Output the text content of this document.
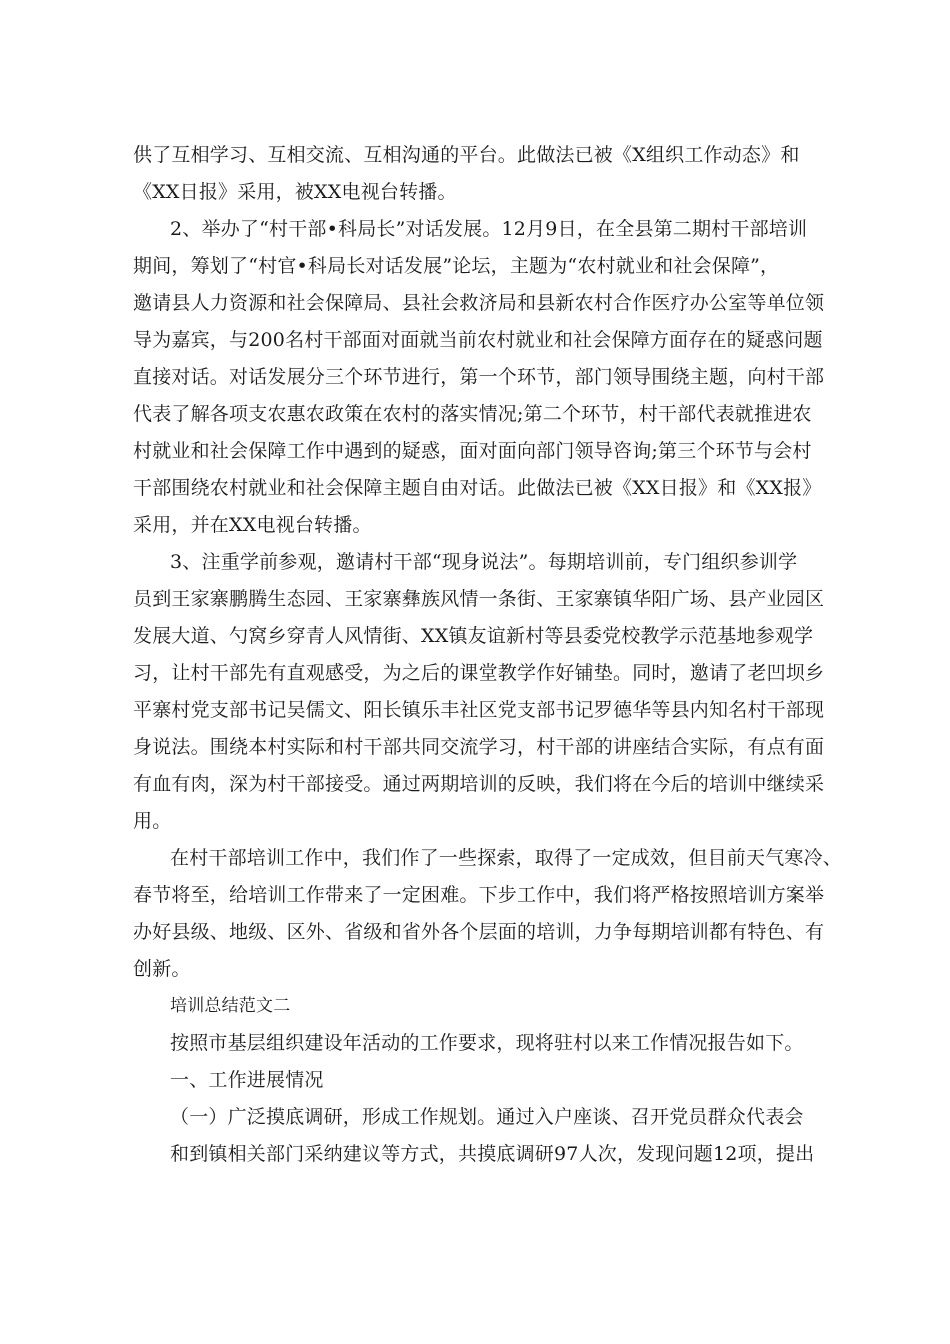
供了互相学习、互相交流、互相沟通的平台。此做法已被《X组织工作动态》和
《XX日报》采用，被XX电视台转播。
2、举办了“村干部•科局长”对话发展。12月9日，在全县第二期村干部培训
期间，筹划了“村官•科局长对话发展”论坛，主题为“农村就业和社会保障”，
邀请县人力资源和社会保障局、县社会救济局和县新农村合作医疗办公室等单位领
导为嘉宾，与200名村干部面对面就当前农村就业和社会保障方面存在的疑惑问题
直接对话。对话发展分三个环节进行，第一个环节，部门领导围绕主题，向村干部
代表了解各项支农惠农政策在农村的落实情况;第二个环节，村干部代表就推进农
村就业和社会保障工作中遇到的疑惑，面对面向部门领导咨询;第三个环节与会村
干部围绕农村就业和社会保障主题自由对话。此做法已被《XX日报》和《XX报》
采用，并在XX电视台转播。
3、注重学前参观，邀请村干部“现身说法”。每期培训前，专门组织参训学
员到王家寨鹏腾生态园、王家寨彝族风情一条街、王家寨镇华阳广场、县产业园区
发展大道、勺窝乡穿青人风情街、XX镇友谊新村等县委党校教学示范基地参观学
习，让村干部先有直观感受，为之后的课堂教学作好铺垫。同时，邀请了老凹坝乡
平寨村党支部书记吴儒文、阳长镇乐丰社区党支部书记罗德华等县内知名村干部现
身说法。围绕本村实际和村干部共同交流学习，村干部的讲座结合实际，有点有面
有血有肉，深为村干部接受。通过两期培训的反映，我们将在今后的培训中继续采
用。
在村干部培训工作中，我们作了一些探索，取得了一定成效，但目前天气寒冷、
春节将至，给培训工作带来了一定困难。下步工作中，我们将严格按照培训方案举
办好县级、地级、区外、省级和省外各个层面的培训，力争每期培训都有特色、有
创新。
培训总结范文二
按照市基层组织建设年活动的工作要求，现将驻村以来工作情况报告如下。
一、工作进展情况
（一）广泛摸底调研，形成工作规划。通过入户座谈、召开党员群众代表会
和到镇相关部门采纳建议等方式，共摸底调研97人次，发现问题12项，提出
